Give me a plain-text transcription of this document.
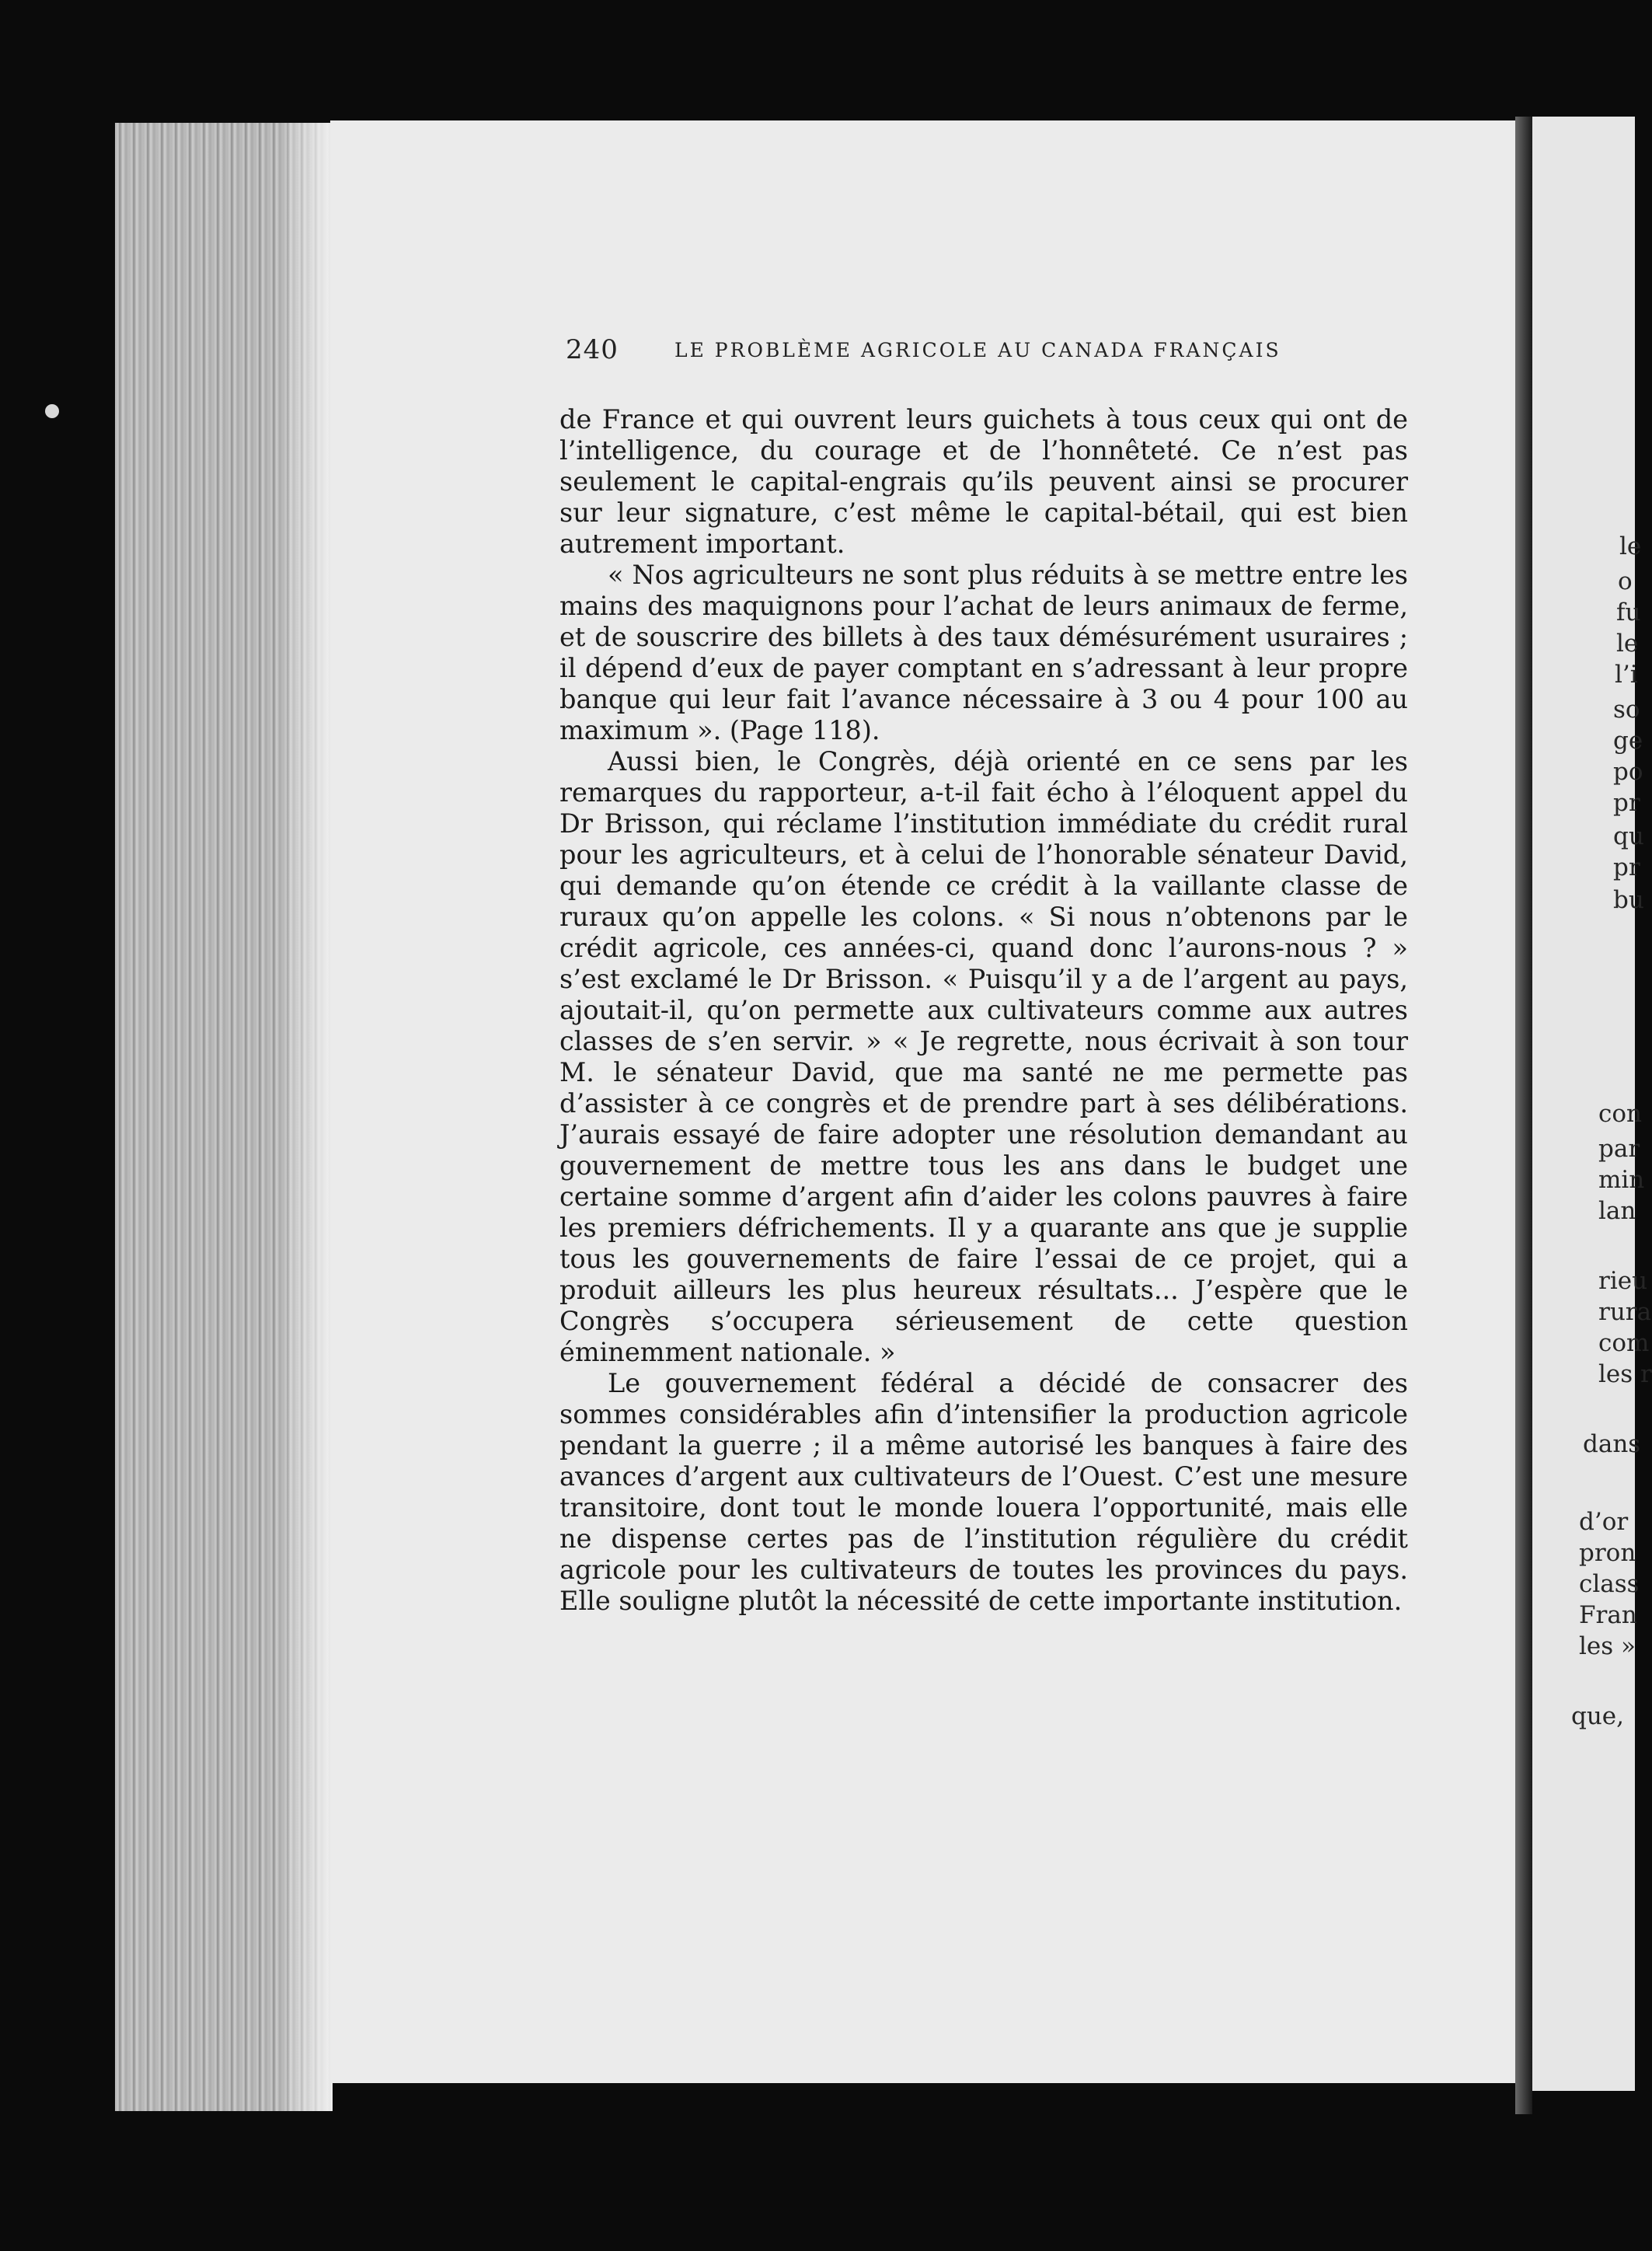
le
o
fu
le
l’i
so
ge
po
pr
qu
pr
bu
con
par
min
lan
rieu
rura
com
les r
dans
d’or
pron
class
Fran
les »
que,
240	LE PROBLÈME AGRICOLE AU CANADA FRANÇAIS

de France et qui ouvrent leurs guichets à tous ceux qui ont de l’intelligence, du courage et de l’honnêteté. Ce n’est pas seulement le capital-engrais qu’ils peuvent ainsi se procurer sur leur signature, c’est même le capital-bétail, qui est bien autrement important.

« Nos agriculteurs ne sont plus réduits à se mettre entre les mains des maquignons pour l’achat de leurs animaux de ferme, et de souscrire des billets à des taux démésurément usuraires ; il dépend d’eux de payer comptant en s’adressant à leur propre banque qui leur fait l’avance nécessaire à 3 ou 4 pour 100 au maximum ». (Page 118).

Aussi bien, le Congrès, déjà orienté en ce sens par les remarques du rapporteur, a-t-il fait écho à l’éloquent appel du Dr Brisson, qui réclame l’institution immédiate du crédit rural pour les agriculteurs, et à celui de l’honorable sénateur David, qui demande qu’on étende ce crédit à la vaillante classe de ruraux qu’on appelle les colons. « Si nous n’obtenons par le crédit agricole, ces années-ci, quand donc l’aurons-nous ? » s’est exclamé le Dr Brisson. « Puisqu’il y a de l’argent au pays, ajoutait-il, qu’on permette aux cultivateurs comme aux autres classes de s’en servir. » « Je regrette, nous écrivait à son tour M. le sénateur David, que ma santé ne me permette pas d’assister à ce congrès et de prendre part à ses délibérations. J’aurais essayé de faire adopter une résolution demandant au gouvernement de mettre tous les ans dans le budget une certaine somme d’argent afin d’aider les colons pauvres à faire les premiers défrichements. Il y a quarante ans que je supplie tous les gouvernements de faire l’essai de ce projet, qui a produit ailleurs les plus heureux résultats... J’espère que le Congrès s’occupera sérieusement de cette question éminemment nationale. »

Le gouvernement fédéral a décidé de consacrer des sommes considérables afin d’intensifier la production agricole pendant la guerre ; il a même autorisé les banques à faire des avances d’argent aux cultivateurs de l’Ouest. C’est une mesure transitoire, dont tout le monde louera l’opportunité, mais elle ne dispense certes pas de l’institution régulière du crédit agricole pour les cultivateurs de toutes les provinces du pays. Elle souligne plutôt la nécessité de cette importante institution.
